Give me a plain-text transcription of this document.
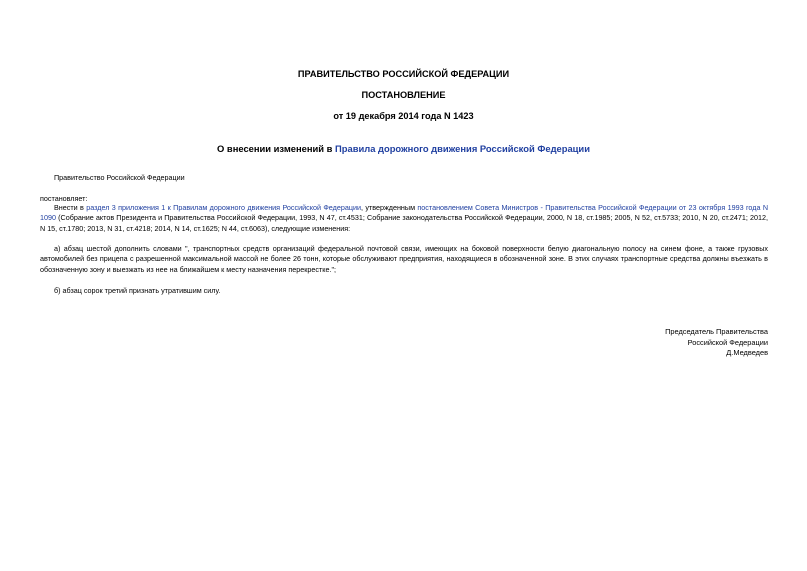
ПРАВИТЕЛЬСТВО РОССИЙСКОЙ ФЕДЕРАЦИИ
ПОСТАНОВЛЕНИЕ
от 19 декабря 2014 года N 1423
О внесении изменений в Правила дорожного движения Российской Федерации
Правительство Российской Федерации
постановляет:
Внести в раздел 3 приложения 1 к Правилам дорожного движения Российской Федерации, утвержденным постановлением Совета Министров - Правительства Российской Федерации от 23 октября 1993 года N 1090 (Собрание актов Президента и Правительства Российской Федерации, 1993, N 47, ст.4531; Собрание законодательства Российской Федерации, 2000, N 18, ст.1985; 2005, N 52, ст.5733; 2010, N 20, ст.2471; 2012, N 15, ст.1780; 2013, N 31, ст.4218; 2014, N 14, ст.1625; N 44, ст.6063), следующие изменения:
а) абзац шестой дополнить словами ", транспортных средств организаций федеральной почтовой связи, имеющих на боковой поверхности белую диагональную полосу на синем фоне, а также грузовых автомобилей без прицепа с разрешенной максимальной массой не более 26 тонн, которые обслуживают предприятия, находящиеся в обозначенной зоне. В этих случаях транспортные средства должны въезжать в обозначенную зону и выезжать из нее на ближайшем к месту назначения перекрестке.";
б) абзац сорок третий признать утратившим силу.
Председатель Правительства
Российской Федерации
Д.Медведев
